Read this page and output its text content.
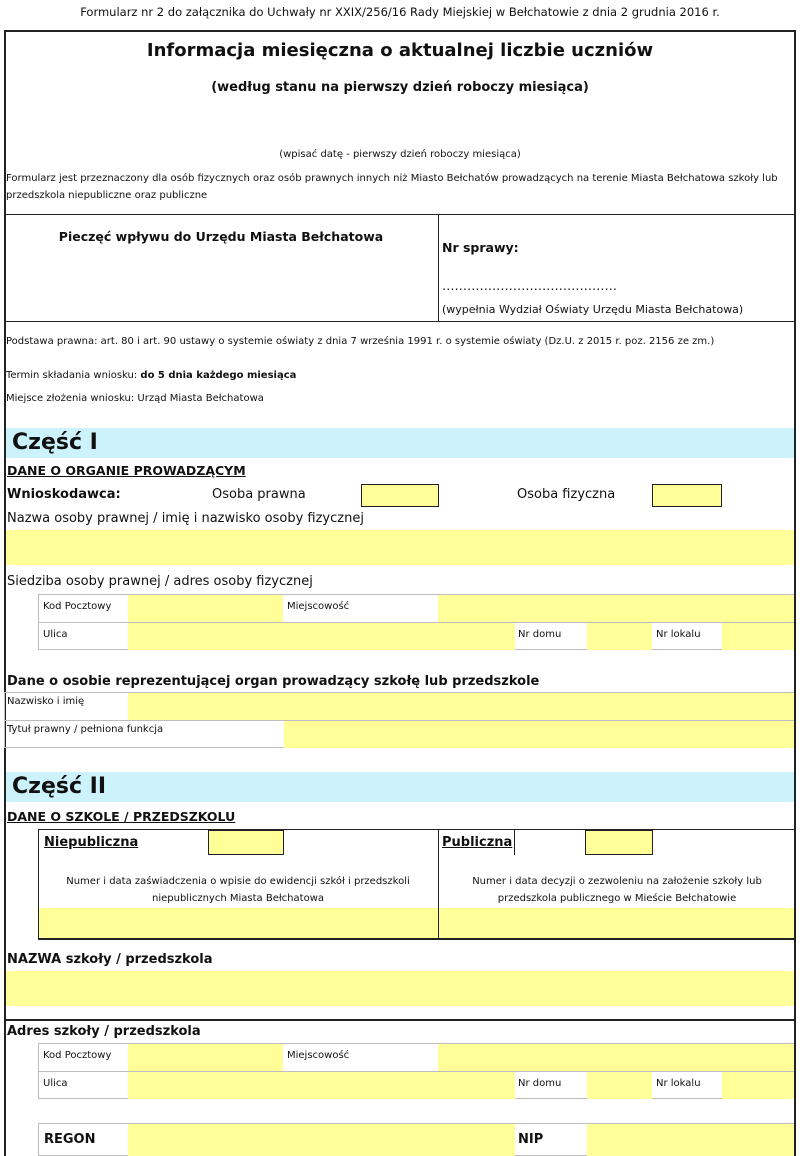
Formularz nr 2 do załącznika do Uchwały nr XXIX/256/16 Rady Miejskiej w Bełchatowie z dnia 2 grudnia 2016 r.
Informacja miesięczna o aktualnej liczbie uczniów
(według stanu na pierwszy dzień roboczy miesiąca)
(wpisać datę - pierwszy dzień roboczy miesiąca)
Formularz jest przeznaczony dla osób fizycznych oraz osób prawnych innych niż Miasto Bełchatów prowadzących na terenie Miasta Bełchatowa szkoły lub przedszkola niepubliczne oraz publiczne
Pieczęć wpływu do Urzędu Miasta Bełchatowa
Nr sprawy:
……………………………………
(wypełnia Wydział Oświaty Urzędu Miasta Bełchatowa)
Podstawa prawna: art. 80 i art. 90 ustawy o systemie oświaty z dnia 7 września 1991 r. o systemie oświaty (Dz.U. z 2015 r. poz. 2156 ze zm.)
Termin składania wniosku: do 5 dnia każdego miesiąca
Miejsce złożenia wniosku: Urząd Miasta Bełchatowa
Część I
DANE O ORGANIE PROWADZĄCYM
Wnioskodawca:	Osoba prawna	Osoba fizyczna
Nazwa osoby prawnej / imię i nazwisko osoby fizycznej
Siedziba osoby prawnej / adres osoby fizycznej
Kod Pocztowy	Miejscowość
Ulica	Nr domu	Nr lokalu
Dane o osobie reprezentującej organ prowadzący szkołę lub przedszkole
Nazwisko i imię
Tytuł prawny / pełniona funkcja
Część II
DANE O SZKOLE / PRZEDSZKOLU
Niepubliczna	Publiczna
Numer i data zaświadczenia o wpisie do ewidencji szkół i przedszkoli niepublicznych Miasta Bełchatowa
Numer i data decyzji o zezwoleniu na założenie szkoły lub przedszkola publicznego w Mieście Bełchatowie
NAZWA szkoły / przedszkola
Adres szkoły / przedszkola
Kod Pocztowy	Miejscowość
Ulica	Nr domu	Nr lokalu
REGON	NIP
